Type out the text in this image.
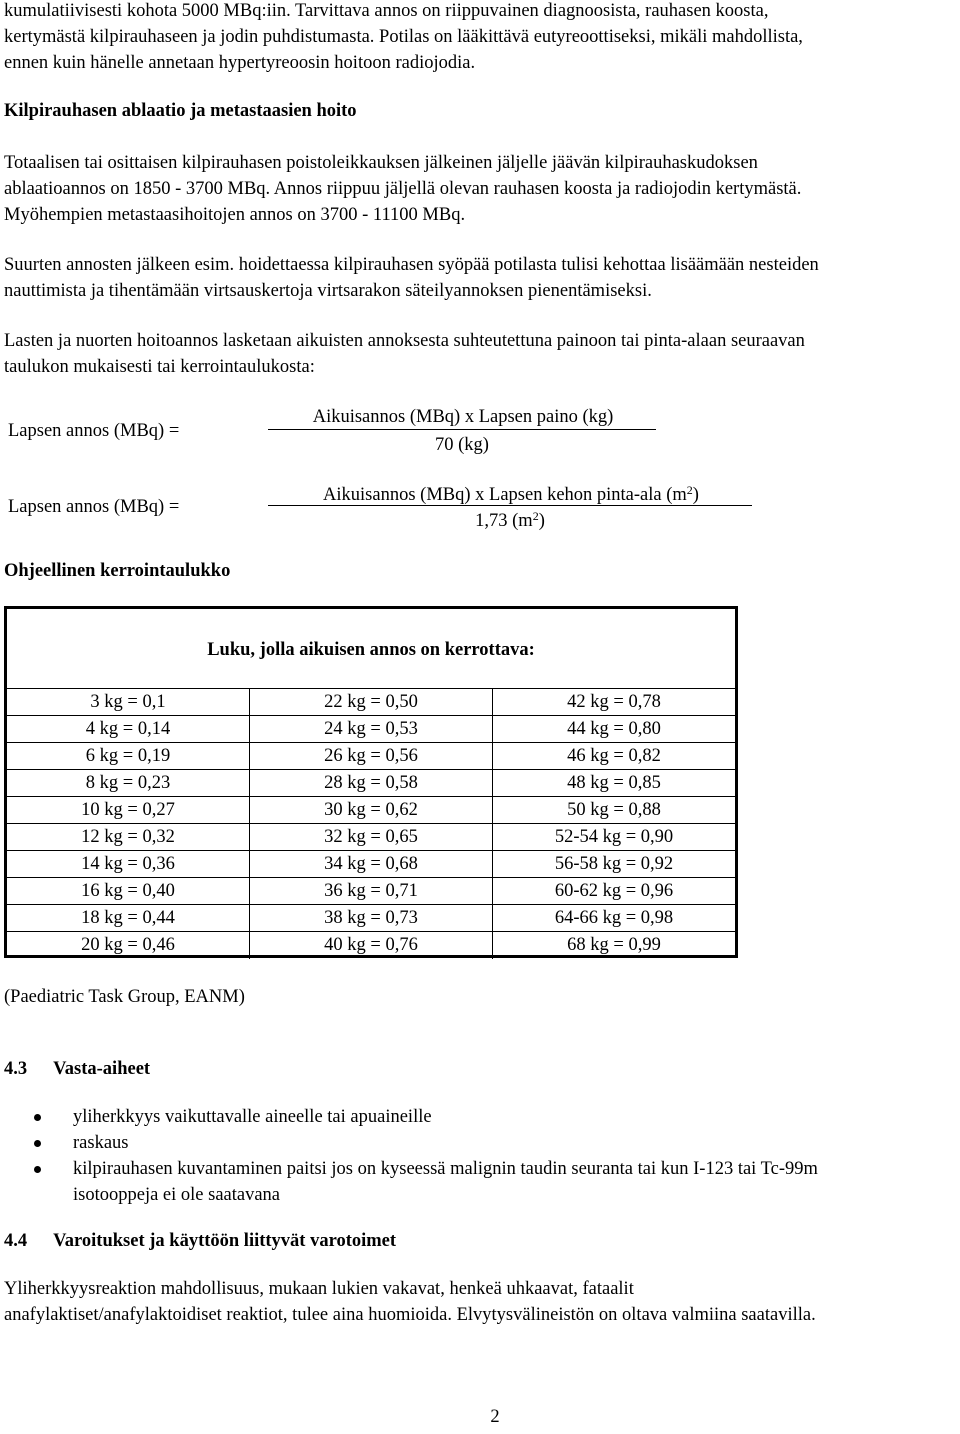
kumulatiivisesti kohota 5000 MBq:iin. Tarvittava annos on riippuvainen diagnoosista, rauhasen koosta,
kertymästä kilpirauhaseen ja jodin puhdistumasta. Potilas on lääkittävä eutyreoottiseksi, mikäli mahdollista,
ennen kuin hänelle annetaan hypertyreoosin hoitoon radiojodia.
Kilpirauhasen ablaatio ja metastaasien hoito
Totaalisen tai osittaisen kilpirauhasen poistoleikkauksen jälkeinen jäljelle jäävän kilpirauhaskudoksen
ablaatioannos on 1850 - 3700 MBq. Annos riippuu jäljellä olevan rauhasen koosta ja radiojodin kertymästä.
Myöhempien metastaasihoitojen annos on 3700 - 11100 MBq.
Suurten annosten jälkeen esim. hoidettaessa kilpirauhasen syöpää potilasta tulisi kehottaa lisäämään nesteiden
nauttimista ja tihentämään virtsauskertoja virtsarakon säteilyannoksen pienentämiseksi.
Lasten ja nuorten hoitoannos lasketaan aikuisten annoksesta suhteutettuna painoon tai pinta-alaan seuraavan
taulukon mukaisesti tai kerrointaulukosta:
Lapsen annos (MBq) =
Aikuisannos (MBq) x Lapsen paino (kg)
70 (kg)
Lapsen annos (MBq) =
Aikuisannos (MBq) x Lapsen kehon pinta-ala $(m^2)$
1,73 $(m^2)$
Ohjeellinen kerrointaulukko
Luku, jolla aikuisen annos on kerrottava:
3 kg = 0,1	22 kg = 0,50	42 kg = 0,78
4 kg = 0,14	24 kg = 0,53	44 kg = 0,80
6 kg = 0,19	26 kg = 0,56	46 kg = 0,82
8 kg = 0,23	28 kg = 0,58	48 kg = 0,85
10 kg = 0,27	30 kg = 0,62	50 kg = 0,88
12 kg = 0,32	32 kg = 0,65	52-54 kg = 0,90
14 kg = 0,36	34 kg = 0,68	56-58 kg = 0,92
16 kg = 0,40	36 kg = 0,71	60-62 kg = 0,96
18 kg = 0,44	38 kg = 0,73	64-66 kg = 0,98
20 kg = 0,46	40 kg = 0,76	68 kg = 0,99
(Paediatric Task Group, EANM)
4.3 Vasta-aiheet
yliherkkyys vaikuttavalle aineelle tai apuaineille
raskaus
kilpirauhasen kuvantaminen paitsi jos on kyseessä malignin taudin seuranta tai kun I-123 tai Tc-99m
isotooppeja ei ole saatavana
4.4 Varoitukset ja käyttöön liittyvät varotoimet
Yliherkkyysreaktion mahdollisuus, mukaan lukien vakavat, henkeä uhkaavat, fataalit
anafylaktiset/anafylaktoidiset reaktiot, tulee aina huomioida. Elvytysvälineistön on oltava valmiina saatavilla.
2
